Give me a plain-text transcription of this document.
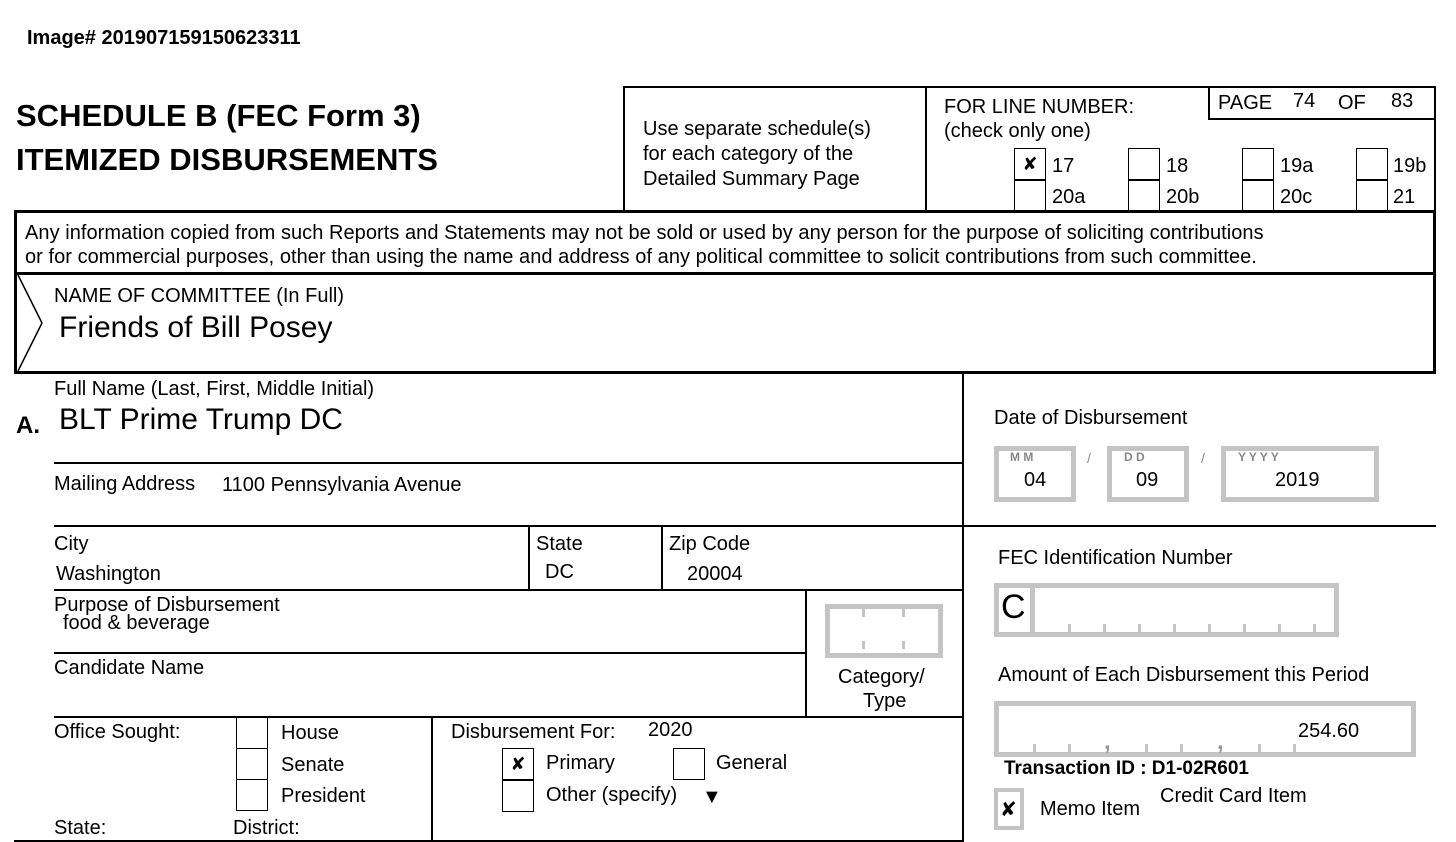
Image# 201907159150623311
SCHEDULE B (FEC Form 3)
ITEMIZED DISBURSEMENTS
Use separate schedule(s)
for each category of the
Detailed Summary Page
FOR LINE NUMBER:
(check only one)
PAGE 74 OF 83
✘ 17	18	19a	19b
20a	20b	20c	21
Any information copied from such Reports and Statements may not be sold or used by any person for the purpose of soliciting contributions
or for commercial purposes, other than using the name and address of any political committee to solicit contributions from such committee.
NAME OF COMMITTEE (In Full)
Friends of Bill Posey
A.
Full Name (Last, First, Middle Initial)
BLT Prime Trump DC
Mailing Address 1100 Pennsylvania Avenue
City
Washington
State
DC
Zip Code
20004
Purpose of Disbursement
food & beverage
Candidate Name	Category/
Type
Office Sought:	House
Senate
President
State:	District:
Disbursement For: 2020
✘	Primary	General
Other (specify) ▼
Date of Disbursement
M M
04
/	D D
09
/	Y Y Y Y
2019
FEC Identification Number
C
Amount of Each Disbursement this Period
,	,	254.60
Transaction ID : D1-02R601
✘ Memo Item
Credit Card Item
